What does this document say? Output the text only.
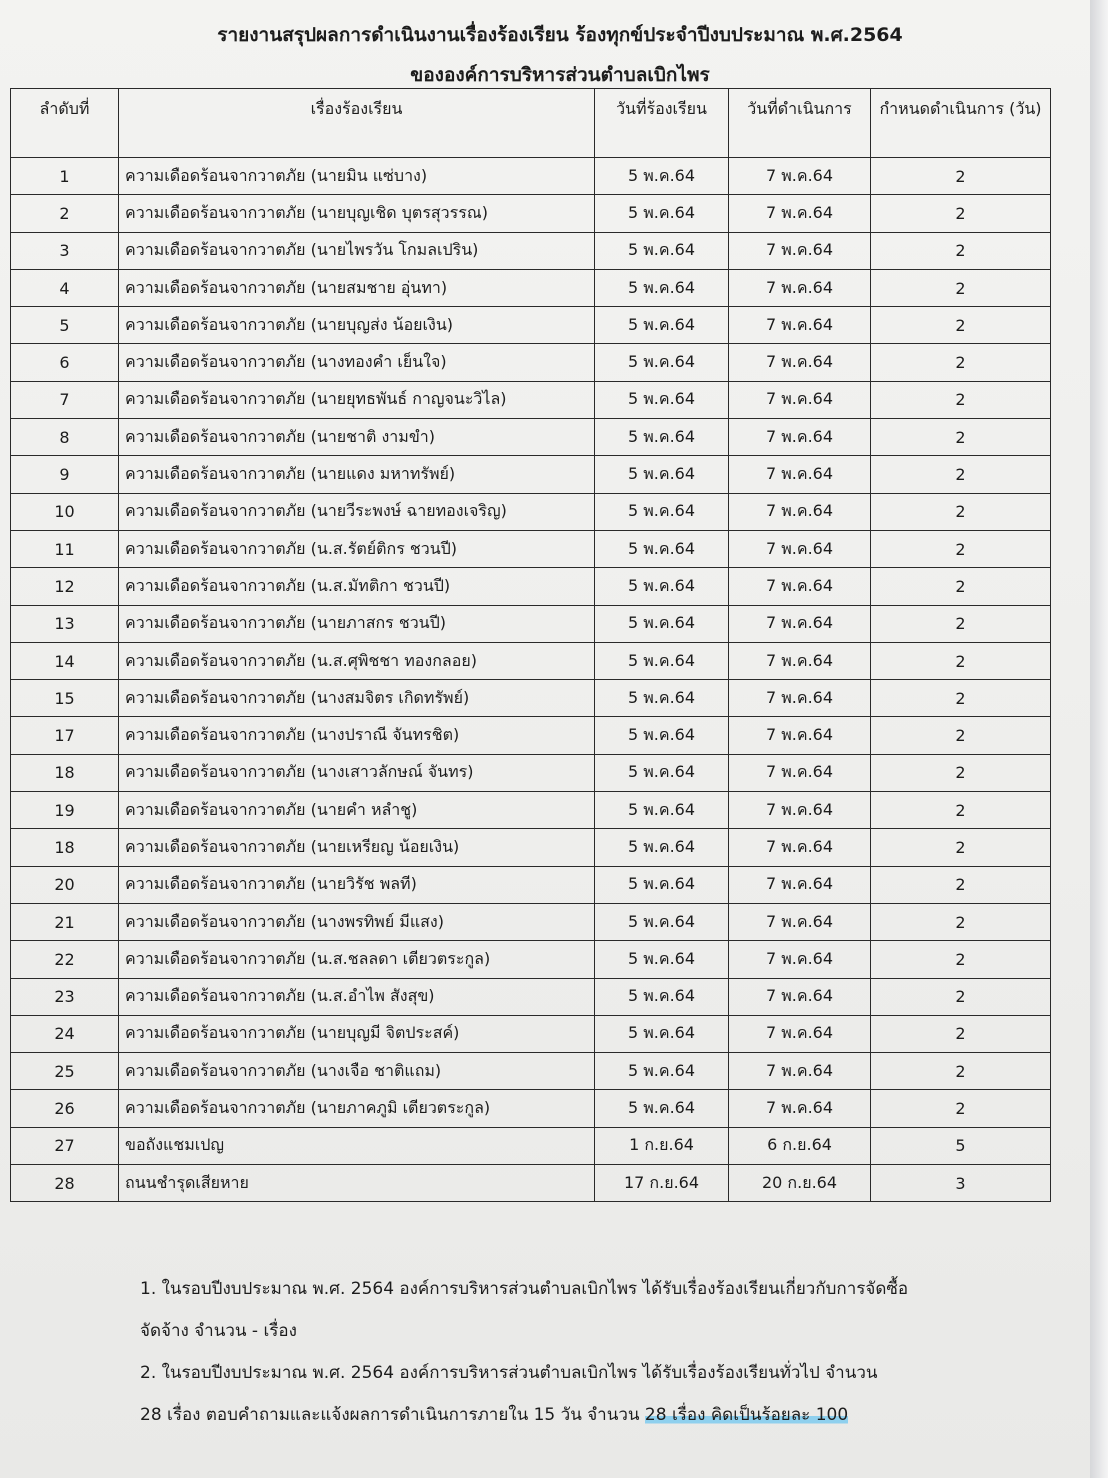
รายงานสรุปผลการดำเนินงานเรื่องร้องเรียน ร้องทุกข์ประจำปีงบประมาณ พ.ศ.2564

ขององค์การบริหารส่วนตำบลเบิกไพร

ลำดับที่	เรื่องร้องเรียน	วันที่ร้องเรียน	วันที่ดำเนินการ	กำหนดดำเนินการ (วัน)
1	ความเดือดร้อนจากวาตภัย (นายมิน แซ่บาง)	5 พ.ค.64	7 พ.ค.64	2
2	ความเดือดร้อนจากวาตภัย (นายบุญเชิด บุตรสุวรรณ)	5 พ.ค.64	7 พ.ค.64	2
3	ความเดือดร้อนจากวาตภัย (นายไพรวัน โกมลเปริน)	5 พ.ค.64	7 พ.ค.64	2
4	ความเดือดร้อนจากวาตภัย (นายสมชาย อุ่นทา)	5 พ.ค.64	7 พ.ค.64	2
5	ความเดือดร้อนจากวาตภัย (นายบุญส่ง น้อยเงิน)	5 พ.ค.64	7 พ.ค.64	2
6	ความเดือดร้อนจากวาตภัย (นางทองคำ เย็นใจ)	5 พ.ค.64	7 พ.ค.64	2
7	ความเดือดร้อนจากวาตภัย (นายยุทธพันธ์ กาญจนะวิไล)	5 พ.ค.64	7 พ.ค.64	2
8	ความเดือดร้อนจากวาตภัย (นายชาติ งามขำ)	5 พ.ค.64	7 พ.ค.64	2
9	ความเดือดร้อนจากวาตภัย (นายแดง มหาทรัพย์)	5 พ.ค.64	7 พ.ค.64	2
10	ความเดือดร้อนจากวาตภัย (นายวีระพงษ์ ฉายทองเจริญ)	5 พ.ค.64	7 พ.ค.64	2
11	ความเดือดร้อนจากวาตภัย (น.ส.รัตย์ติกร ชวนปี)	5 พ.ค.64	7 พ.ค.64	2
12	ความเดือดร้อนจากวาตภัย (น.ส.มัทติกา ชวนปี)	5 พ.ค.64	7 พ.ค.64	2
13	ความเดือดร้อนจากวาตภัย (นายภาสกร ชวนปี)	5 พ.ค.64	7 พ.ค.64	2
14	ความเดือดร้อนจากวาตภัย (น.ส.ศุพิชชา ทองกลอย)	5 พ.ค.64	7 พ.ค.64	2
15	ความเดือดร้อนจากวาตภัย (นางสมจิตร เกิดทรัพย์)	5 พ.ค.64	7 พ.ค.64	2
17	ความเดือดร้อนจากวาตภัย (นางปราณี จันทรชิต)	5 พ.ค.64	7 พ.ค.64	2
18	ความเดือดร้อนจากวาตภัย (นางเสาวลักษณ์ จันทร)	5 พ.ค.64	7 พ.ค.64	2
19	ความเดือดร้อนจากวาตภัย (นายคำ หลำชู)	5 พ.ค.64	7 พ.ค.64	2
18	ความเดือดร้อนจากวาตภัย (นายเหรียญ น้อยเงิน)	5 พ.ค.64	7 พ.ค.64	2
20	ความเดือดร้อนจากวาตภัย (นายวิรัช พลที)	5 พ.ค.64	7 พ.ค.64	2
21	ความเดือดร้อนจากวาตภัย (นางพรทิพย์ มีแสง)	5 พ.ค.64	7 พ.ค.64	2
22	ความเดือดร้อนจากวาตภัย (น.ส.ชลลดา เตียวตระกูล)	5 พ.ค.64	7 พ.ค.64	2
23	ความเดือดร้อนจากวาตภัย (น.ส.อำไพ สังสุข)	5 พ.ค.64	7 พ.ค.64	2
24	ความเดือดร้อนจากวาตภัย (นายบุญมี จิตประสค์)	5 พ.ค.64	7 พ.ค.64	2
25	ความเดือดร้อนจากวาตภัย (นางเจือ ชาติแถม)	5 พ.ค.64	7 พ.ค.64	2
26	ความเดือดร้อนจากวาตภัย (นายภาคภูมิ เตียวตระกูล)	5 พ.ค.64	7 พ.ค.64	2
27	ขอถังแชมเปญ	1 ก.ย.64	6 ก.ย.64	5
28	ถนนชำรุดเสียหาย	17 ก.ย.64	20 ก.ย.64	3

1. ในรอบปีงบประมาณ พ.ศ. 2564 องค์การบริหารส่วนตำบลเบิกไพร ได้รับเรื่องร้องเรียนเกี่ยวกับการจัดซื้อ
จัดจ้าง จำนวน - เรื่อง

2. ในรอบปีงบประมาณ พ.ศ. 2564 องค์การบริหารส่วนตำบลเบิกไพร ได้รับเรื่องร้องเรียนทั่วไป จำนวน
28 เรื่อง ตอบคำถามและแจ้งผลการดำเนินการภายใน 15 วัน จำนวน 28 เรื่อง คิดเป็นร้อยละ 100
